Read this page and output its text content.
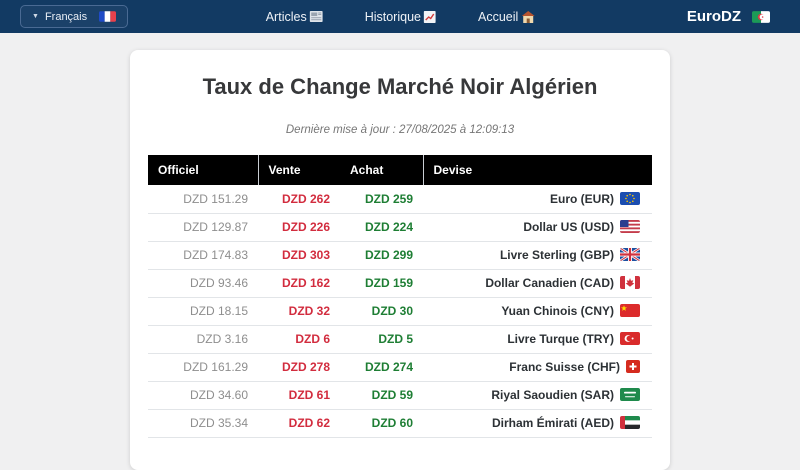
▼ Français	Articles	Historique	Accueil	EuroDZ
Taux de Change Marché Noir Algérien

Dernière mise à jour : 27/08/2025 à 12:09:13

Officiel	Vente	Achat	Devise
DZD 151.29	DZD 262	DZD 259	Euro (EUR)
DZD 129.87	DZD 226	DZD 224	Dollar US (USD)
DZD 174.83	DZD 303	DZD 299	Livre Sterling (GBP)
DZD 93.46	DZD 162	DZD 159	Dollar Canadien (CAD)
DZD 18.15	DZD 32	DZD 30	Yuan Chinois (CNY)
DZD 3.16	DZD 6	DZD 5	Livre Turque (TRY)
DZD 161.29	DZD 278	DZD 274	Franc Suisse (CHF)
DZD 34.60	DZD 61	DZD 59	Riyal Saoudien (SAR)
DZD 35.34	DZD 62	DZD 60	Dirham Émirati (AED)
